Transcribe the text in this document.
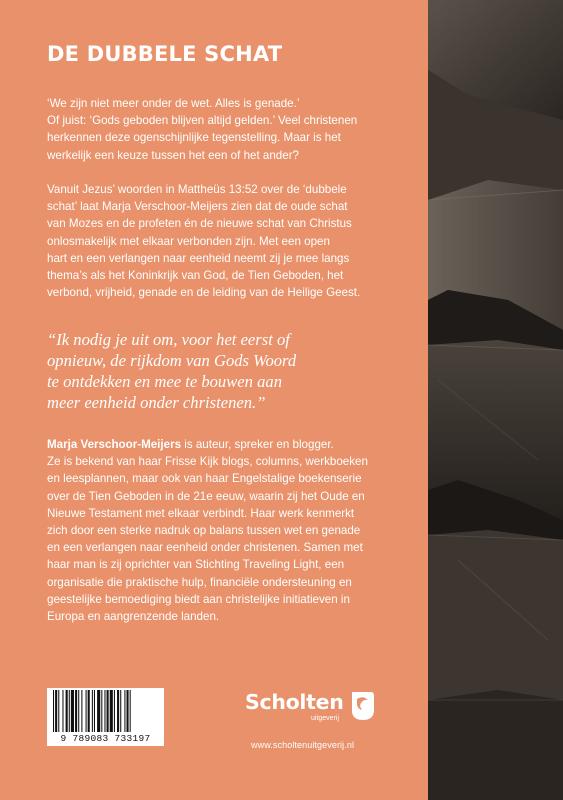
DE DUBBELE SCHAT

‘We zijn niet meer onder de wet. Alles is genade.’

Of juist: ‘Gods geboden blijven altijd gelden.’ Veel christenen

herkennen deze ogenschijnlijke tegenstelling. Maar is het

werkelijk een keuze tussen het een of het ander?

Vanuit Jezus’ woorden in Mattheüs 13:52 over de ‘dubbele

schat’ laat Marja Verschoor-Meijers zien dat de oude schat

van Mozes en de profeten én de nieuwe schat van Christus

onlosmakelijk met elkaar verbonden zijn. Met een open

hart en een verlangen naar eenheid neemt zij je mee langs

thema’s als het Koninkrijk van God, de Tien Geboden, het

verbond, vrijheid, genade en de leiding van de Heilige Geest.

“Ik nodig je uit om, voor het eerst of

opnieuw, de rijkdom van Gods Woord

te ontdekken en mee te bouwen aan

meer eenheid onder christenen.”

Marja Verschoor-Meijers is auteur, spreker en blogger.

Ze is bekend van haar Frisse Kijk blogs, columns, werkboeken

en leesplannen, maar ook van haar Engelstalige boekenserie

over de Tien Geboden in de 21e eeuw, waarin zij het Oude en

Nieuwe Testament met elkaar verbindt. Haar werk kenmerkt

zich door een sterke nadruk op balans tussen wet en genade

en een verlangen naar eenheid onder christenen. Samen met

haar man is zij oprichter van Stichting Traveling Light, een

organisatie die praktische hulp, financiële ondersteuning en

geestelijke bemoediging biedt aan christelijke initiatieven in

Europa en aangrenzende landen.

9 789083 733197
Scholten
uitgeverij
www.scholtenuitgeverij.nl
